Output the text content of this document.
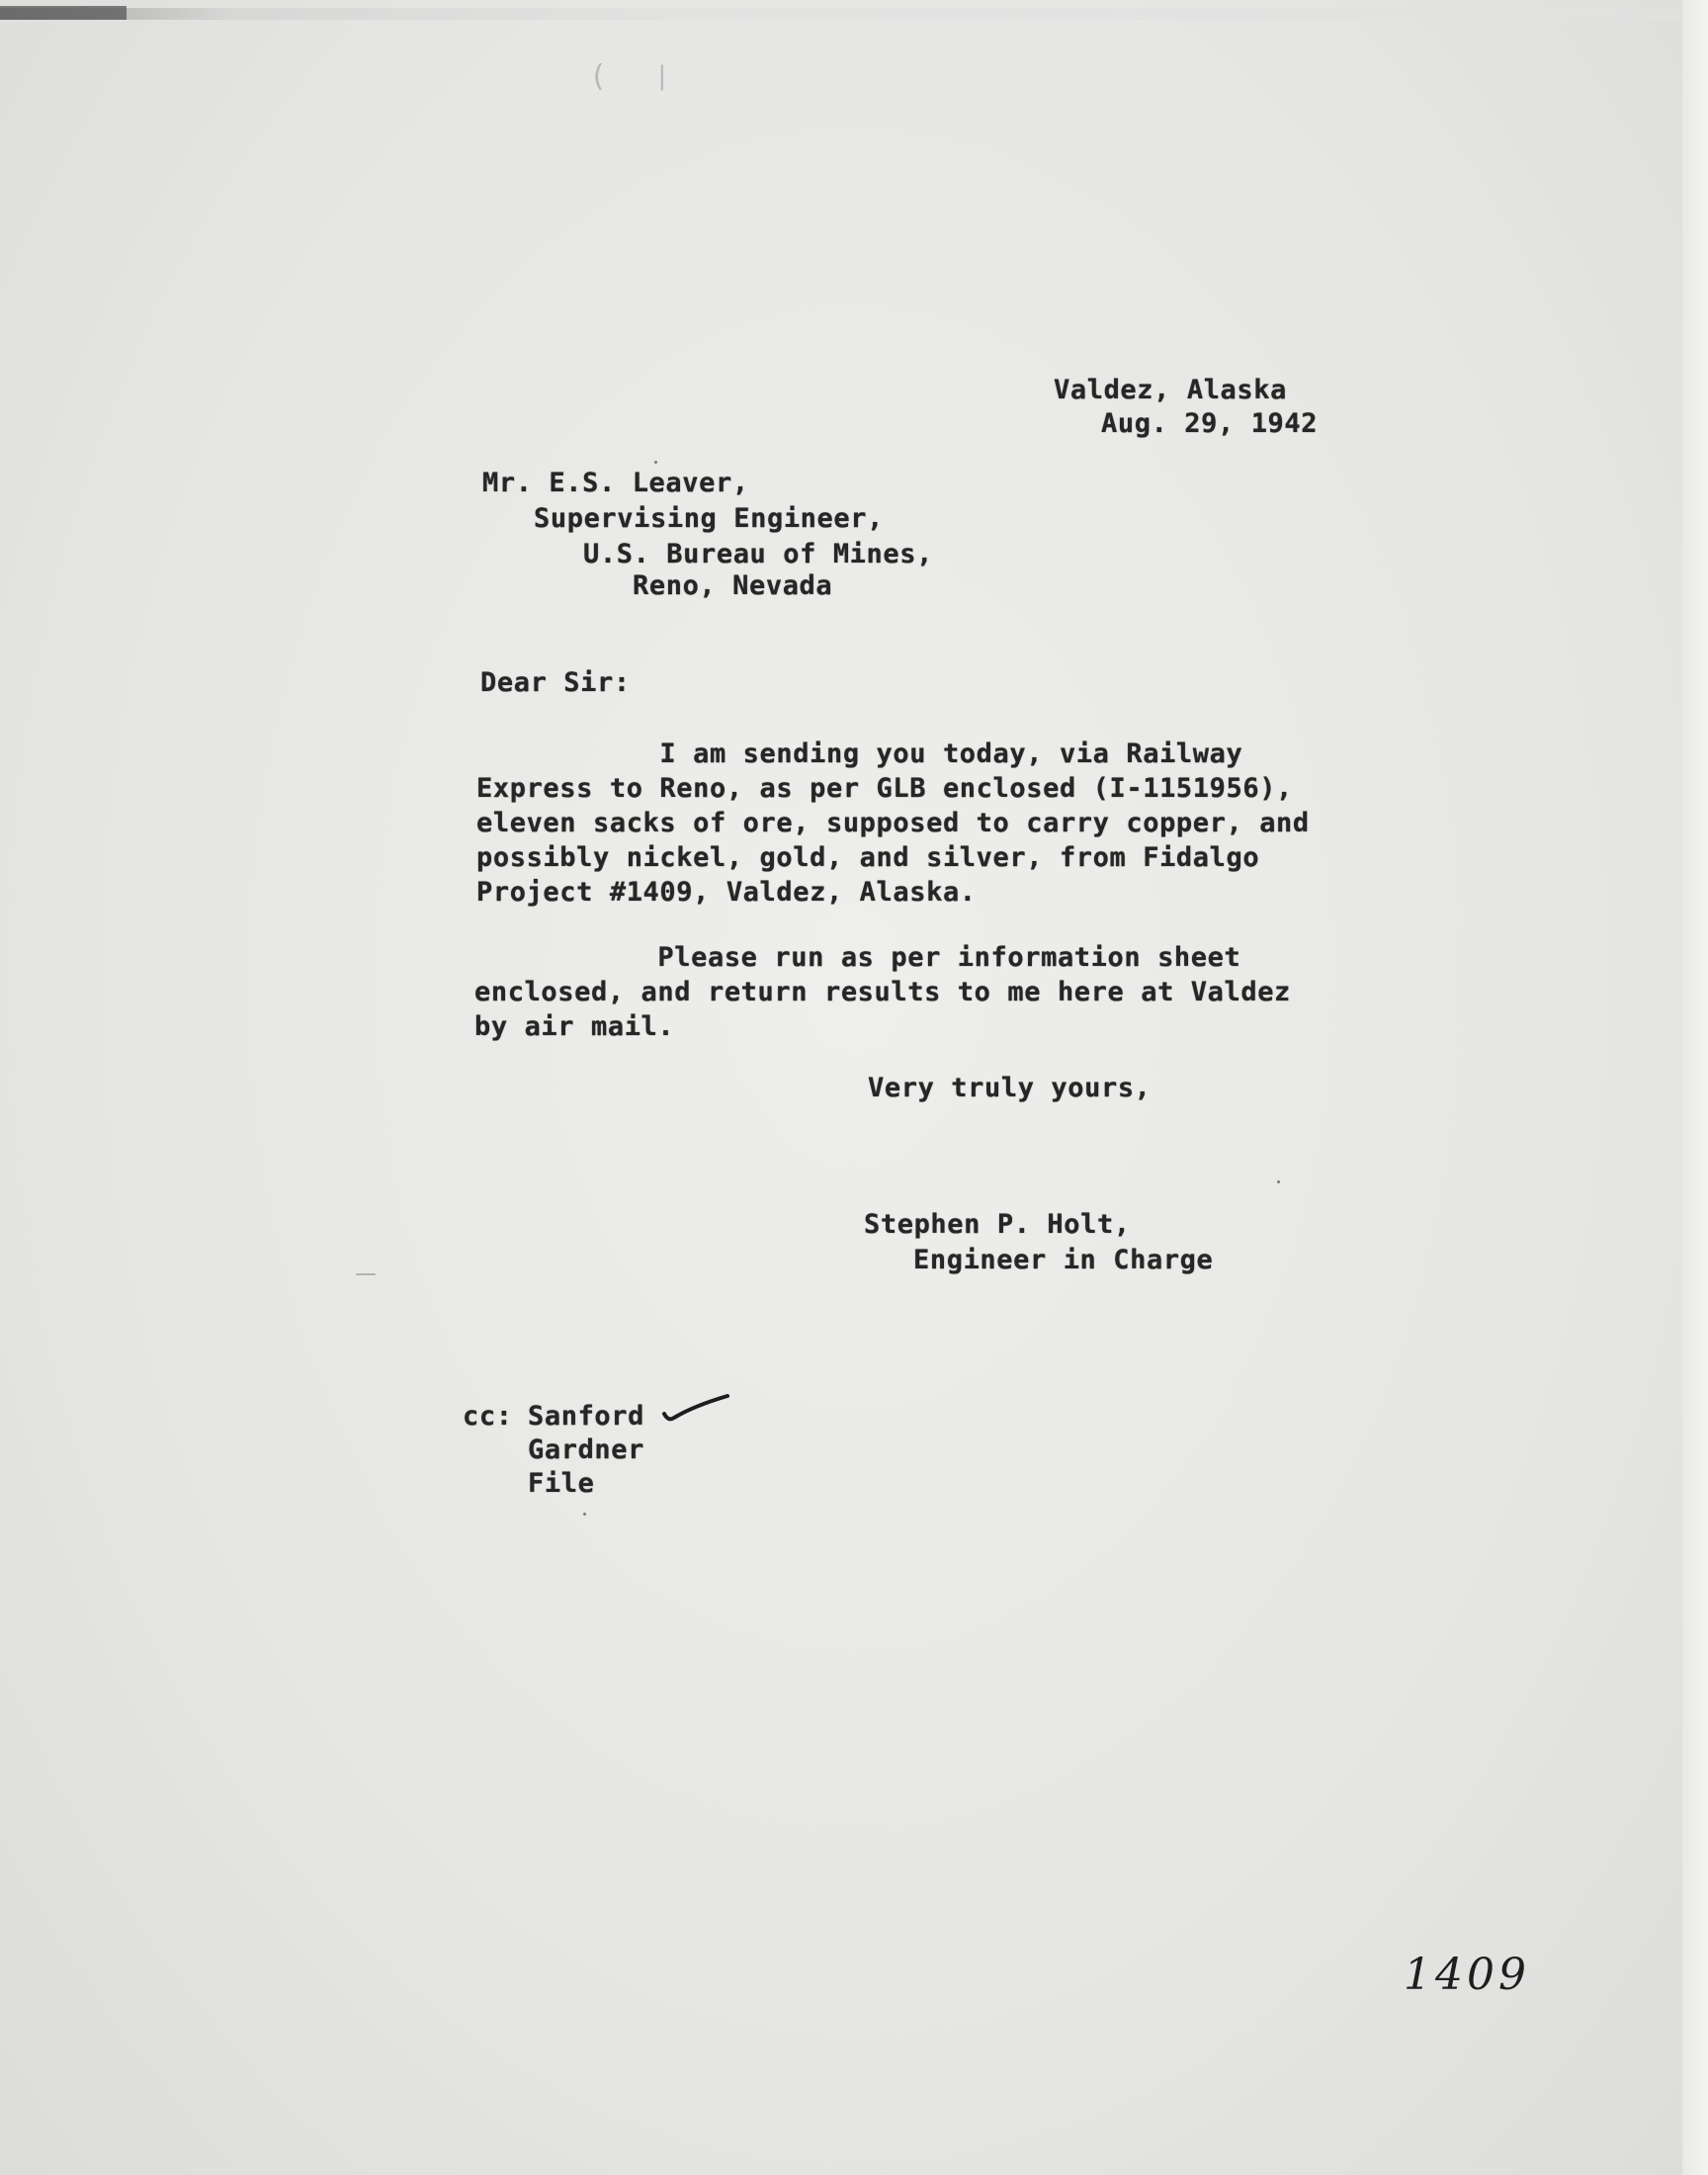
( |
Valdez, Alaska
Aug. 29, 1942
Mr. E.S. Leaver,
Supervising Engineer,
U.S. Bureau of Mines,
Reno, Nevada
Dear Sir:
I am sending you today, via Railway
Express to Reno, as per GLB enclosed (I-1151956),
eleven sacks of ore, supposed to carry copper, and
possibly nickel, gold, and silver, from Fidalgo
Project #1409, Valdez, Alaska.
Please run as per information sheet
enclosed, and return results to me here at Valdez
by air mail.
Very truly yours,
Stephen P. Holt,
Engineer in Charge
cc: Sanford
Gardner
File
1409
